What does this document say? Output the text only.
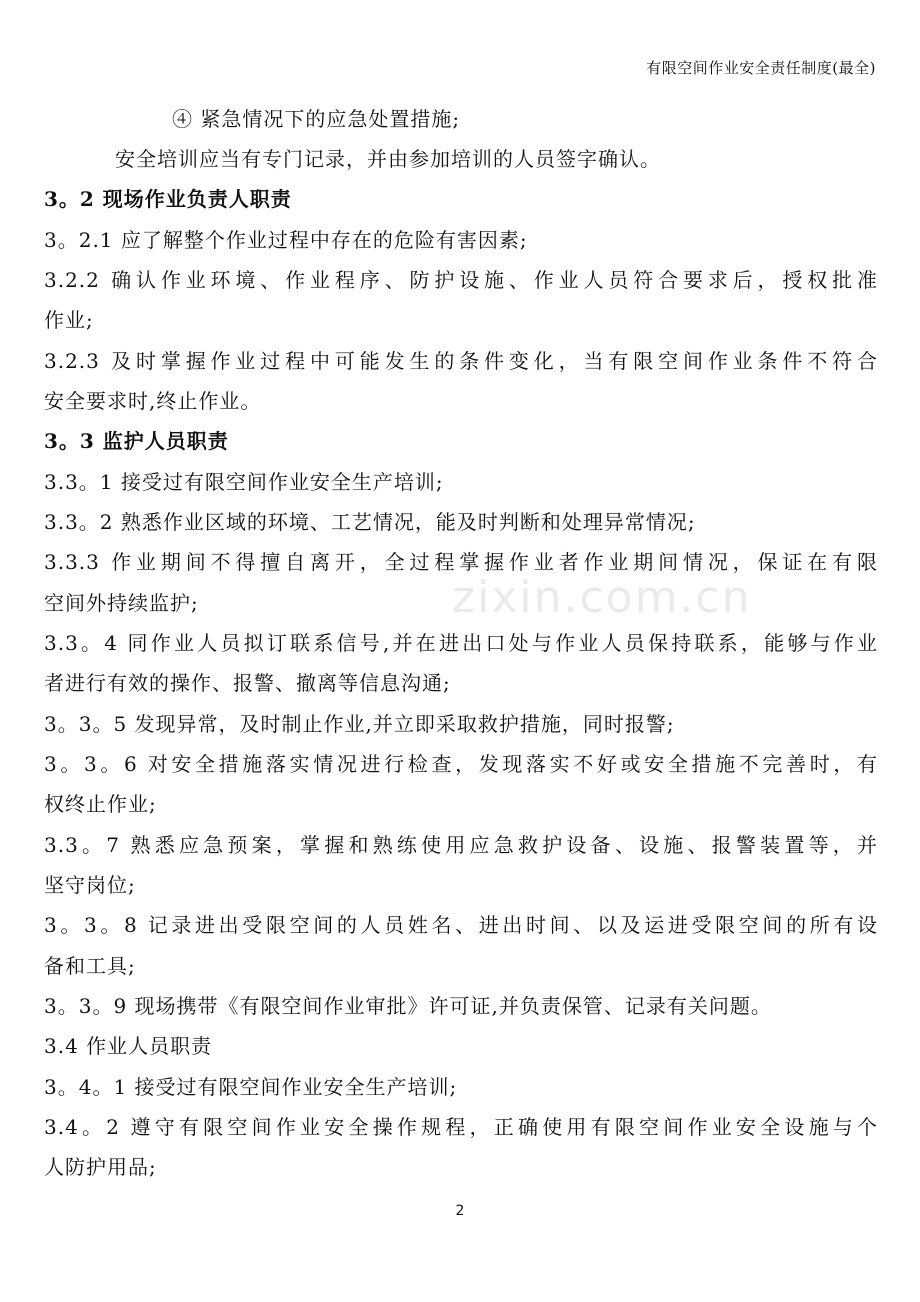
有限空间作业安全责任制度(最全)
zixin.com.cn
④ 紧急情况下的应急处置措施;
安全培训应当有专门记录，并由参加培训的人员签字确认。
3。2 现场作业负责人职责
3。2.1 应了解整个作业过程中存在的危险有害因素;
3.2.2 确认作业环境、作业程序、防护设施、作业人员符合要求后，授权批准
作业;
3.2.3 及时掌握作业过程中可能发生的条件变化，当有限空间作业条件不符合
安全要求时,终止作业。
3。3 监护人员职责
3.3。1 接受过有限空间作业安全生产培训;
3.3。2 熟悉作业区域的环境、工艺情况，能及时判断和处理异常情况;
3.3.3 作业期间不得擅自离开，全过程掌握作业者作业期间情况，保证在有限
空间外持续监护;
3.3。4 同作业人员拟订联系信号,并在进出口处与作业人员保持联系，能够与作业
者进行有效的操作、报警、撤离等信息沟通;
3。3。5 发现异常，及时制止作业,并立即采取救护措施，同时报警;
3。3。6 对安全措施落实情况进行检查，发现落实不好或安全措施不完善时，有
权终止作业;
3.3。7 熟悉应急预案，掌握和熟练使用应急救护设备、设施、报警装置等，并
坚守岗位;
3。3。8 记录进出受限空间的人员姓名、进出时间、以及运进受限空间的所有设
备和工具;
3。3。9 现场携带《有限空间作业审批》许可证,并负责保管、记录有关问题。
3.4 作业人员职责
3。4。1 接受过有限空间作业安全生产培训;
3.4。2 遵守有限空间作业安全操作规程，正确使用有限空间作业安全设施与个
人防护用品;
2
